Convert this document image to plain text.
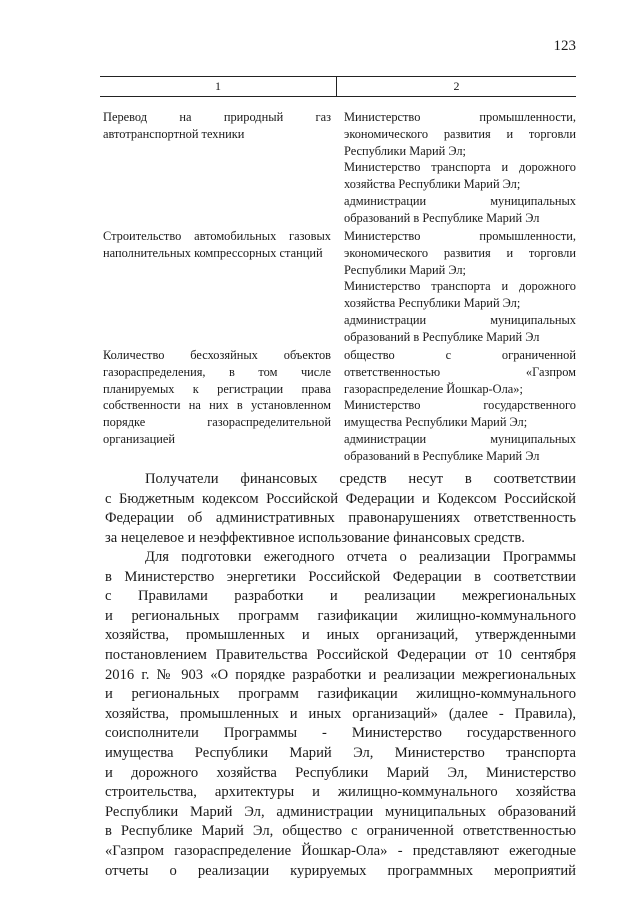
123
1	2
Перевод на природный газ
автотранспортной техники
Министерство промышленности,
экономического развития и торговли
Республики Марий Эл;
Министерство транспорта и дорожного
хозяйства Республики Марий Эл;
администрации муниципальных
образований в Республике Марий Эл
Строительство автомобильных газовых
наполнительных компрессорных станций
Министерство промышленности,
экономического развития и торговли
Республики Марий Эл;
Министерство транспорта и дорожного
хозяйства Республики Марий Эл;
администрации муниципальных
образований в Республике Марий Эл
Количество бесхозяйных объектов
газораспределения, в том числе
планируемых к регистрации права
собственности на них в установленном
порядке газораспределительной
организацией
общество с ограниченной
ответственностью «Газпром
газораспределение Йошкар-Ола»;
Министерство государственного
имущества Республики Марий Эл;
администрации муниципальных
образований в Республике Марий Эл
Получатели финансовых средств несут в соответствии
с Бюджетным кодексом Российской Федерации и Кодексом Российской
Федерации об административных правонарушениях ответственность
за нецелевое и неэффективное использование финансовых средств.
Для подготовки ежегодного отчета о реализации Программы
в Министерство энергетики Российской Федерации в соответствии
с Правилами разработки и реализации межрегиональных
и региональных программ газификации жилищно-коммунального
хозяйства, промышленных и иных организаций, утвержденными
постановлением Правительства Российской Федерации от 10 сентября
2016 г. № 903 «О порядке разработки и реализации межрегиональных
и региональных программ газификации жилищно-коммунального
хозяйства, промышленных и иных организаций» (далее - Правила),
соисполнители Программы - Министерство государственного
имущества Республики Марий Эл, Министерство транспорта
и дорожного хозяйства Республики Марий Эл, Министерство
строительства, архитектуры и жилищно-коммунального хозяйства
Республики Марий Эл, администрации муниципальных образований
в Республике Марий Эл, общество с ограниченной ответственностью
«Газпром газораспределение Йошкар-Ола» - представляют ежегодные
отчеты о реализации курируемых программных мероприятий
